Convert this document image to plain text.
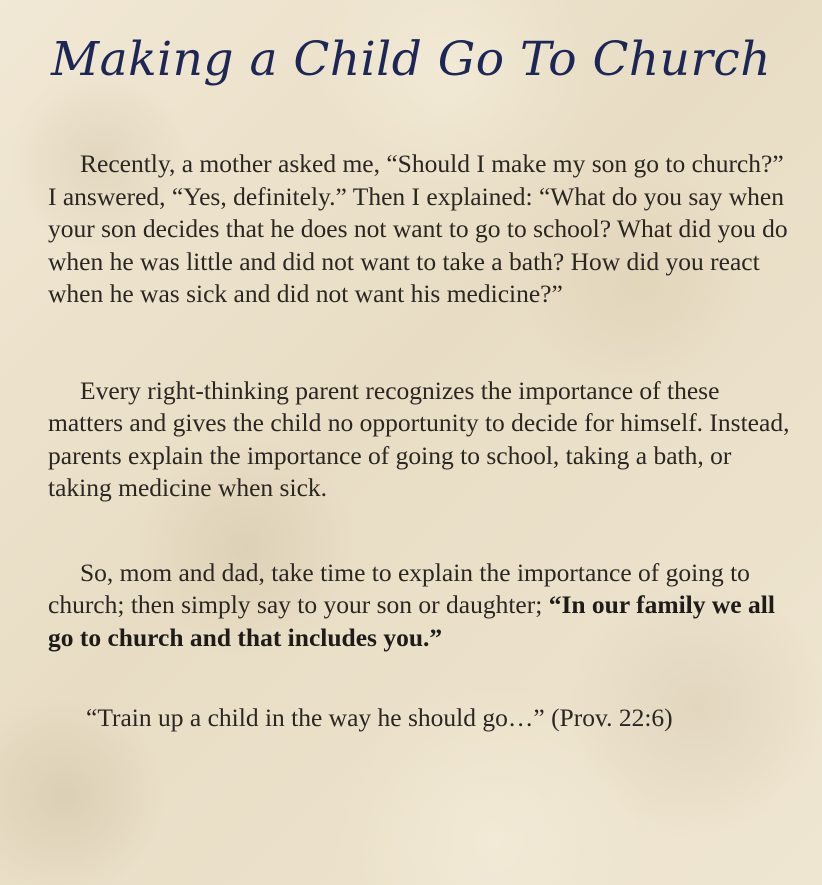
Making a Child Go To Church

Recently, a mother asked me, “Should I make my son go to church?” I answered, “Yes, definitely.” Then I explained: “What do you say when your son decides that he does not want to go to school? What did you do when he was little and did not want to take a bath? How did you react when he was sick and did not want his medicine?”

Every right-thinking parent recognizes the importance of these matters and gives the child no opportunity to decide for himself. Instead, parents explain the importance of going to school, taking a bath, or taking medicine when sick.

So, mom and dad, take time to explain the importance of going to church; then simply say to your son or daughter; “In our family we all go to church and that includes you.”

“Train up a child in the way he should go…” (Prov. 22:6)
